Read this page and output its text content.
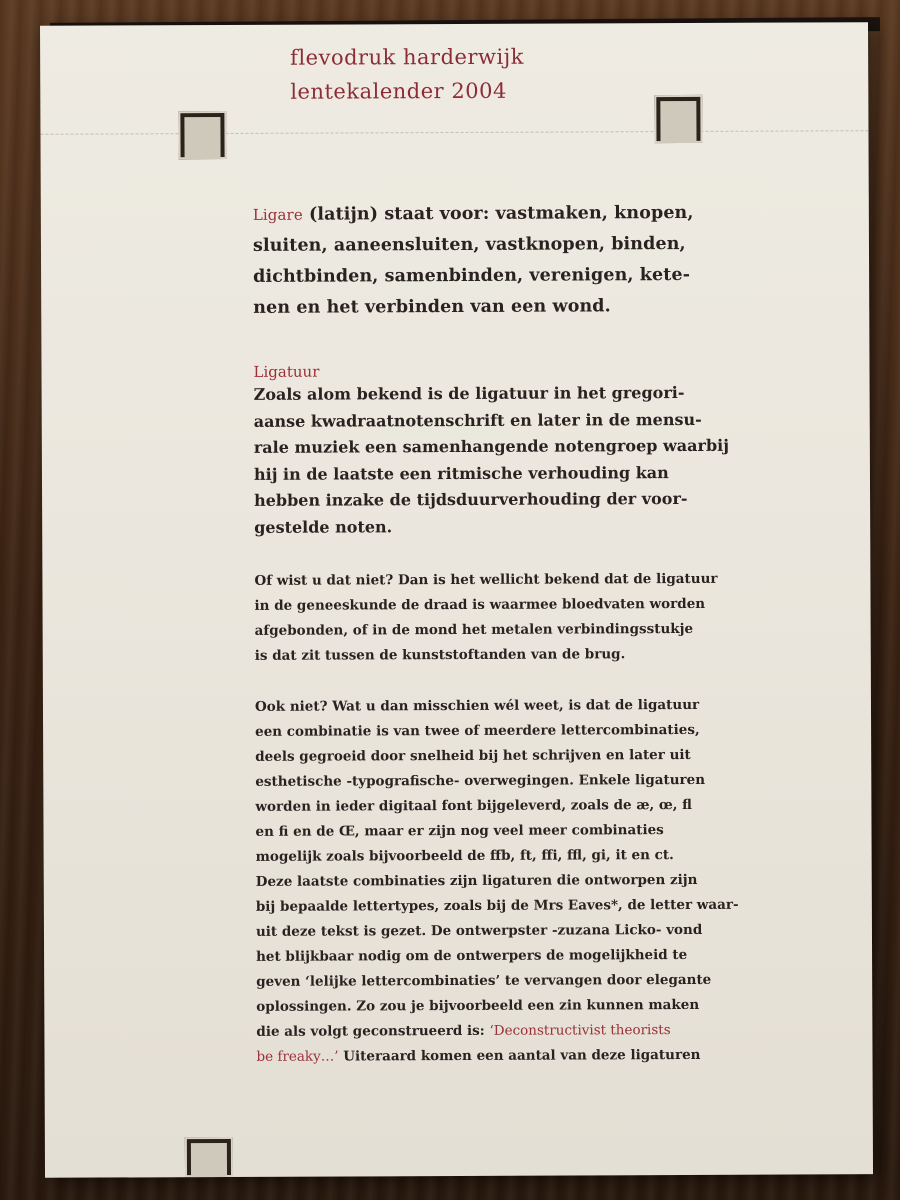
flevodruk harderwijk
lentekalender 2004

Ligare (latijn) staat voor: vastmaken, knopen,
sluiten, aaneensluiten, vastknopen, binden,
dichtbinden, samenbinden, verenigen, kete-
nen en het verbinden van een wond.

Ligatuur

Zoals alom bekend is de ligatuur in het gregori-
aanse kwadraatnotenschrift en later in de mensu-
rale muziek een samenhangende notengroep waarbij
hij in de laatste een ritmische verhouding kan
hebben inzake de tijdsduurverhouding der voor-
gestelde noten.

Of wist u dat niet? Dan is het wellicht bekend dat de ligatuur
in de geneeskunde de draad is waarmee bloedvaten worden
afgebonden, of in de mond het metalen verbindingsstukje
is dat zit tussen de kunststoftanden van de brug.

Ook niet? Wat u dan misschien wél weet, is dat de ligatuur
een combinatie is van twee of meerdere lettercombinaties,
deels gegroeid door snelheid bij het schrijven en later uit
esthetische -typografische- overwegingen. Enkele ligaturen
worden in ieder digitaal font bijgeleverd, zoals de æ, œ, fl
en fi en de Œ, maar er zijn nog veel meer combinaties
mogelijk zoals bijvoorbeeld de ffb, ft, ffi, ffl, gi, it en ct.
Deze laatste combinaties zijn ligaturen die ontworpen zijn
bij bepaalde lettertypes, zoals bij de Mrs Eaves*, de letter waar-
uit deze tekst is gezet. De ontwerpster -zuzana Licko- vond
het blijkbaar nodig om de ontwerpers de mogelijkheid te
geven ‘lelijke lettercombinaties’ te vervangen door elegante
oplossingen. Zo zou je bijvoorbeeld een zin kunnen maken
die als volgt geconstrueerd is: ‘Deconstructivist theorists
be freaky…’ Uiteraard komen een aantal van deze ligaturen
